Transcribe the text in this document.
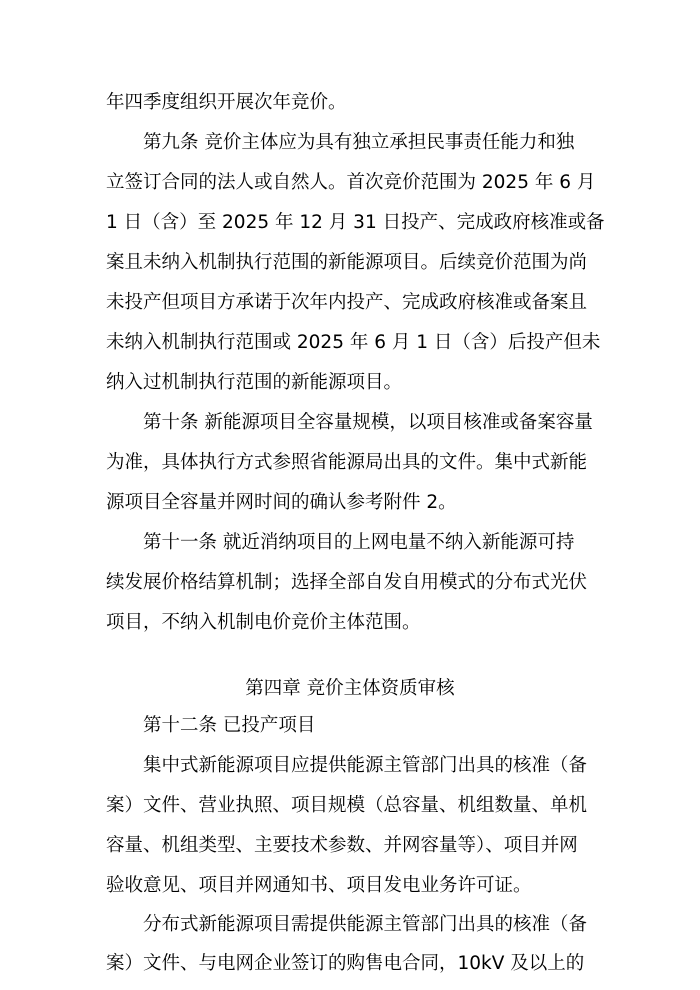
年四季度组织开展次年竞价。
第九条 竞价主体应为具有独立承担民事责任能力和独
立签订合同的法人或自然人。首次竞价范围为 2025 年 6 月
1 日（含）至 2025 年 12 月 31 日投产、完成政府核准或备
案且未纳入机制执行范围的新能源项目。后续竞价范围为尚
未投产但项目方承诺于次年内投产、完成政府核准或备案且
未纳入机制执行范围或 2025 年 6 月 1 日（含）后投产但未
纳入过机制执行范围的新能源项目。
第十条 新能源项目全容量规模，以项目核准或备案容量
为准，具体执行方式参照省能源局出具的文件。集中式新能
源项目全容量并网时间的确认参考附件 2。
第十一条 就近消纳项目的上网电量不纳入新能源可持
续发展价格结算机制；选择全部自发自用模式的分布式光伏
项目，不纳入机制电价竞价主体范围。
第四章 竞价主体资质审核
第十二条 已投产项目
集中式新能源项目应提供能源主管部门出具的核准（备
案）文件、营业执照、项目规模（总容量、机组数量、单机
容量、机组类型、主要技术参数、并网容量等）、项目并网
验收意见、项目并网通知书、项目发电业务许可证。
分布式新能源项目需提供能源主管部门出具的核准（备
案）文件、与电网企业签订的购售电合同，10kV 及以上的
